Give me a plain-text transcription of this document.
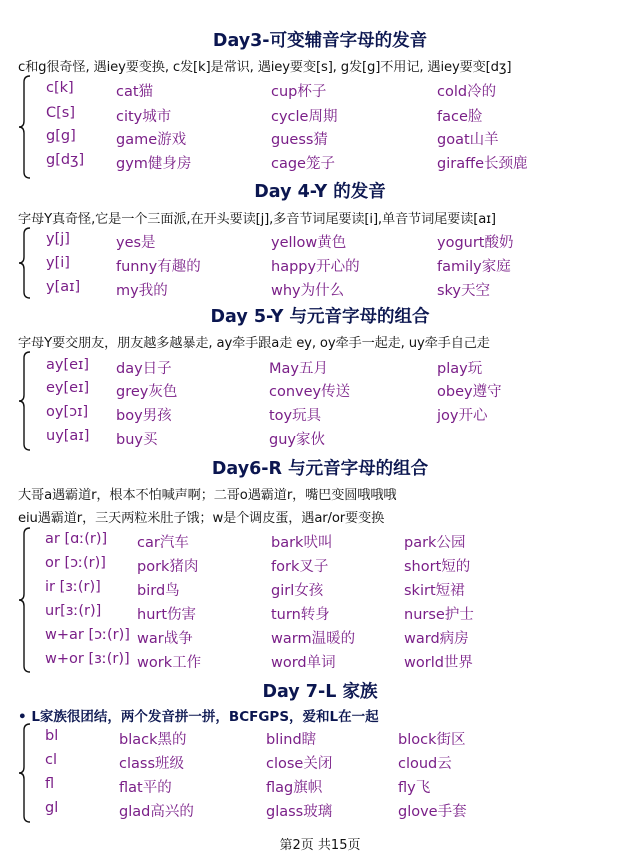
Day3-可变辅音字母的发音
c和g很奇怪, 遇iey要变换, c发[k]是常识, 遇iey要变[s], g发[g]不用记, 遇iey要变[dʒ]
Day 4-Y 的发音
字母Y真奇怪,它是一个三面派,在开头要读[j],多音节词尾要读[i],单音节词尾要读[aɪ]
Day 5-Y 与元音字母的组合
字母Y要交朋友，朋友越多越暴走, ay牵手跟a走 ey, oy牵手一起走, uy牵手自己走
Day6-R 与元音字母的组合
大哥a遇霸道r，根本不怕喊声啊；二哥o遇霸道r，嘴巴变圆哦哦哦
eiu遇霸道r，三天两粒米肚子饿；w是个调皮蛋，遇ar/or要变换
Day 7-L 家族
• L家族很团结，两个发音拼一拼，BCFGPS，爱和L在一起
c[k]	cat猫	cup杯子	cold冷的
C[s]	city城市	cycle周期	face脸
g[g]	game游戏	guess猜	goat山羊
g[dʒ] gym健身房	cage笼子	giraffe长颈鹿
y[j]	yes是	yellow黄色	yogurt酸奶
y[i]	funny有趣的	happy开心的	family家庭
y[aɪ] my我的	why为什么	sky天空
ay[eɪ] day日子	May五月	play玩
ey[eɪ] grey灰色	convey传送	obey遵守
oy[ɔɪ] boy男孩	toy玩具	joy开心
uy[aɪ] buy买	guy家伙
ar [ɑː(r)] car汽车	bark吠叫	park公园
or [ɔː(r)] pork猪肉	fork叉子	short短的
ir [ɜː(r)] bird鸟	girl女孩	skirt短裙
ur[ɜː(r)] hurt伤害	turn转身	nurse护士
w+ar [ɔː(r)] war战争	warm温暖的	ward病房
w+or [ɜː(r)] work工作	word单词	world世界
bl	black黑的	blind瞎	block街区
cl	class班级	close关闭	cloud云
fl	flat平的	flag旗帜	fly飞
gl	glad高兴的	glass玻璃	glove手套
第2页 共15页
